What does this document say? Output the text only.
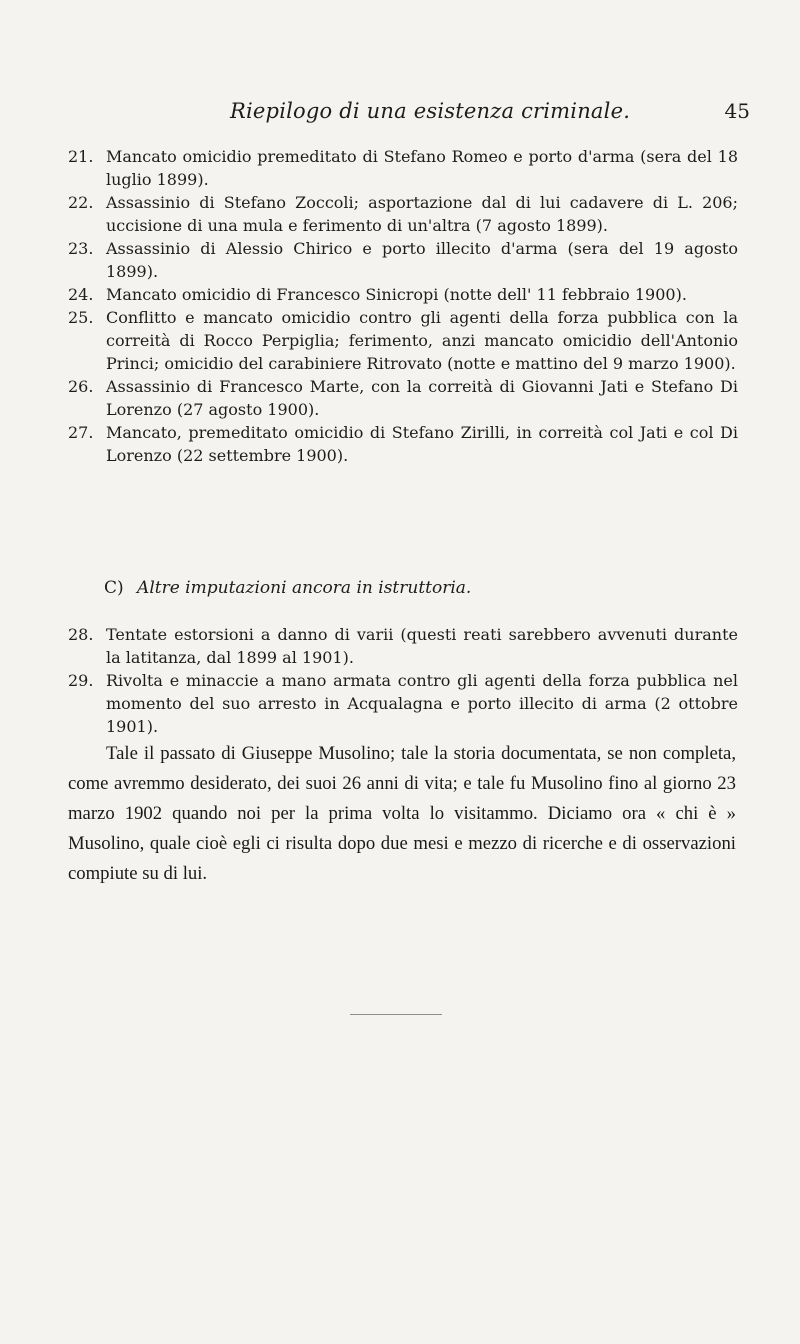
Riepilogo di una esistenza criminale.	45
21. Mancato omicidio premeditato di Stefano Romeo e porto d'arma (sera del 18 luglio 1899).
22. Assassinio di Stefano Zoccoli; asportazione dal di lui cadavere di L. 206; uccisione di una mula e ferimento di un'altra (7 agosto 1899).
23. Assassinio di Alessio Chirico e porto illecito d'arma (sera del 19 agosto 1899).
24. Mancato omicidio di Francesco Sinicropi (notte dell' 11 febbraio 1900).
25. Conflitto e mancato omicidio contro gli agenti della forza pubblica con la correità di Rocco Perpiglia; ferimento, anzi mancato omicidio dell'Antonio Princi; omicidio del carabiniere Ritrovato (notte e mattino del 9 marzo 1900).
26. Assassinio di Francesco Marte, con la correità di Giovanni Jati e Stefano Di Lorenzo (27 agosto 1900).
27. Mancato, premeditato omicidio di Stefano Zirilli, in correità col Jati e col Di Lorenzo (22 settembre 1900).
C) Altre imputazioni ancora in istruttoria.
28. Tentate estorsioni a danno di varii (questi reati sarebbero avvenuti durante la latitanza, dal 1899 al 1901).
29. Rivolta e minaccie a mano armata contro gli agenti della forza pubblica nel momento del suo arresto in Acqualagna e porto illecito di arma (2 ottobre 1901).

Tale il passato di Giuseppe Musolino; tale la storia documentata, se non completa, come avremmo desiderato, dei suoi 26 anni di vita; e tale fu Musolino fino al giorno 23 marzo 1902 quando noi per la prima volta lo visitammo. Diciamo ora « chi è » Musolino, quale cioè egli ci risulta dopo due mesi e mezzo di ricerche e di osservazioni compiute su di lui.
